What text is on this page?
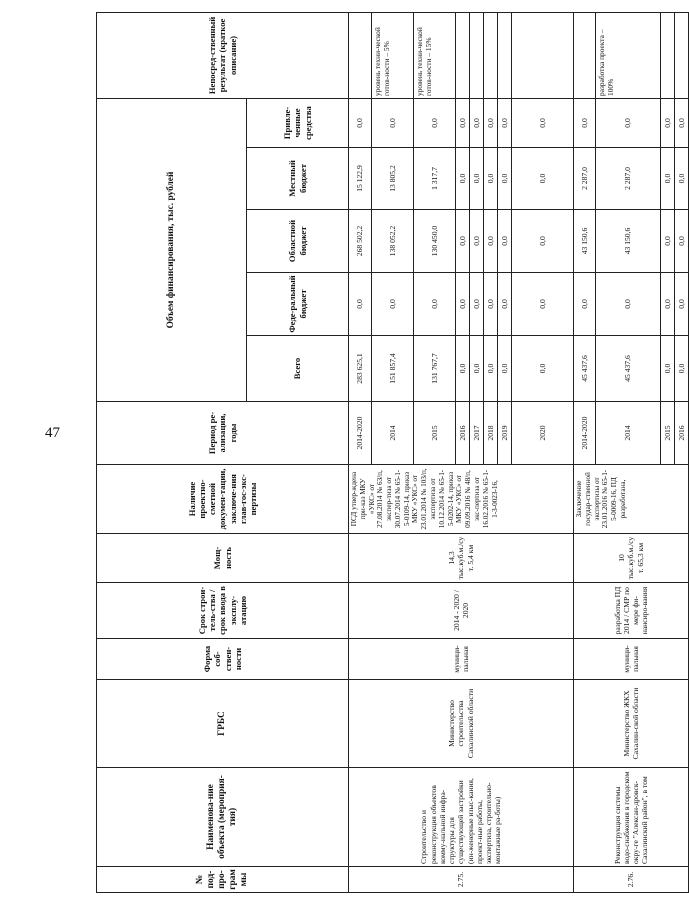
47
№ под-про-грам мы	Наименова-ние объекта (мероприя-тия)	ГРБС	Форма соб-ствен-ности	Срок строи-тель-ства / срок ввода в эксплу-атацию	Мощ-ность	Наличие проектно-сметной докумен-тации, заключе-ния глав-гос-экс-пертизы	Период ре-ализации, годы	Объем финансирования, тыс. рублей					Непосред-ственный результат (краткое описание)
								Всего	Феде-ральный бюджет	Областной бюджет	Местный бюджет	Привле-ченные средства	
2.75.	Строительство и реконструкция объектов комму-нальной инфра-структуры для существующей застройки (ин-женерные изыс-кания, проект-ные работы, экспертиза, строительно-монтажные ра-боты)	Министерство строительства Сахалинской области	муници-пальная	2014 - 2020 / 2020	14,3 тыс.куб.м./су т. 5,4 км	ПСД утвер-ждена при-каз МКУ «УКС» от 27.08.2014 № 63/п, экспер-тиза от 30.07.2014 № 65-1-5-0109-14, приказ МКУ «УКС» от 23.01.2014 № 103/п, экспертиза от 10.12.2014 № 65-1-5-0202-14, приказ МКУ «УКС» от 09.09.2016 № 48/п, экс-пертиза от 16.02.2016 № 65-1-1-3-0023-16,	2014-2020	283 625,1	0,0	268 502,2	15 122,9	0,0	
							2014	151 857,4	0,0	138 052,2	13 805,2	0,0	уровень техни-ческой готов-ности – 5%
							2015	131 767,7	0,0	130 450,0	1 317,7	0,0	уровень техни-ческой готов-ности – 15%
							2016	0,0	0,0	0,0	0,0	0,0	
							2017	0,0	0,0	0,0	0,0	0,0	
							2018	0,0	0,0	0,0	0,0	0,0	
							2019	0,0	0,0	0,0	0,0	0,0	
							2020	0,0	0,0	0,0	0,0	0,0	
2.76.	Реконструкция системы водо-снабжения в городском окру-ге "Алексан-дровск-Сахалинский район", в том	Министерство ЖКХ Сахалин-ской области	муници-пальная	разработка ПД 2014 / СМР по мере фи-нансиро-вания	10 тыс.куб.м./су т. 65,3 км	Заключение государ-ственной экспертизы от 23.01.2016 № 65-1-5-0009-16, ПД разработана,	2014-2020	45 437,6	0,0	43 150,6	2 287,0	0,0	
							2014	45 437,6	0,0	43 150,6	2 287,0	0,0	разработка проекта – 100%
							2015	0,0	0,0	0,0	0,0	0,0	
							2016	0,0	0,0	0,0	0,0	0,0	
